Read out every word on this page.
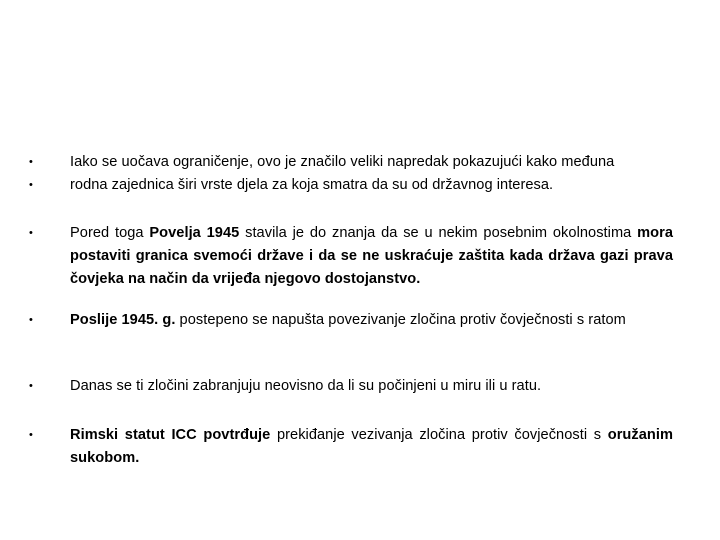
•	Iako se uočava ograničenje, ovo je značilo veliki napredak pokazujući kako međuna
•	rodna zajednica širi vrste djela za koja smatra da su od državnog interesa.
•	Pored toga Povelja 1945 stavila je do znanja da se u nekim posebnim okolnostima mora postaviti granica svemoći države i da se ne uskraćuje zaštita kada država gazi prava čovjeka na način da vrijeđa njegovo dostojanstvo.
•	Poslije 1945. g. postepeno se napušta povezivanje zločina protiv čovječnosti s ratom
•	Danas se ti zločini zabranjuju neovisno da li su počinjeni u miru ili u ratu.
•	Rimski statut ICC povtrđuje prekiđanje vezivanja zločina protiv čovječnosti s oružanim sukobom.
